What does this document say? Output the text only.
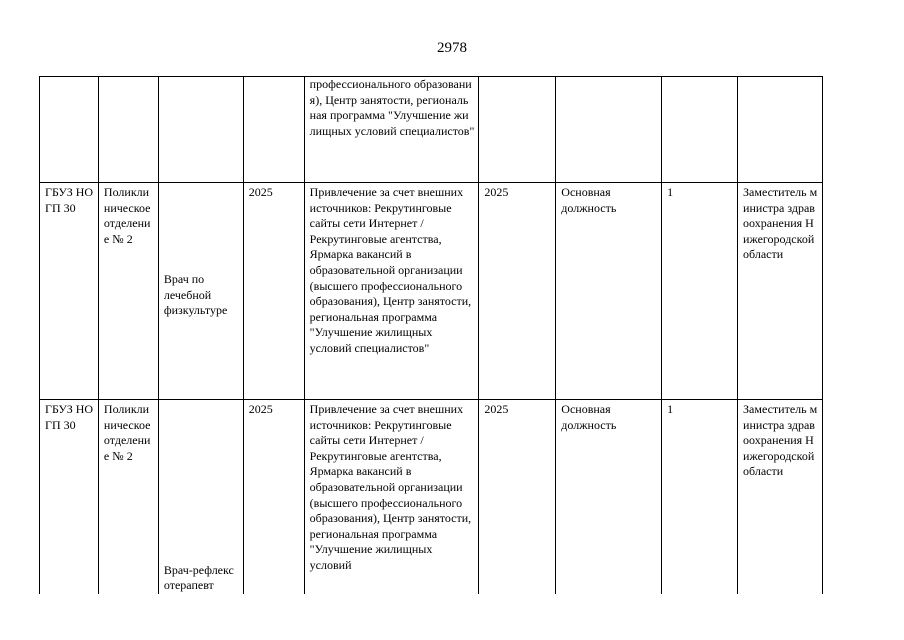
2978
				профессионального образования), Центр занятости, региональная программа "Улучшение жилищных условий специалистов"				
ГБУЗ НО ГП 30	Поликлиническое отделение № 2	Врач по лечебной физкультуре	2025	Привлечение за счет внешних источников: Рекрутинговые сайты сети Интернет / Рекрутинговые агентства, Ярмарка вакансий в образовательной организации (высшего профессионального образования), Центр занятости, региональная программа "Улучшение жилищных условий специалистов"	2025	Основная должность	1	Заместитель министра здравоохранения Нижегородской области
ГБУЗ НО ГП 30	Поликлиническое отделение № 2	Врач-рефлексотерапевт	2025	Привлечение за счет внешних источников: Рекрутинговые сайты сети Интернет / Рекрутинговые агентства, Ярмарка вакансий в образовательной организации (высшего профессионального образования), Центр занятости, региональная программа "Улучшение жилищных условий	2025	Основная должность	1	Заместитель министра здравоохранения Нижегородской области
